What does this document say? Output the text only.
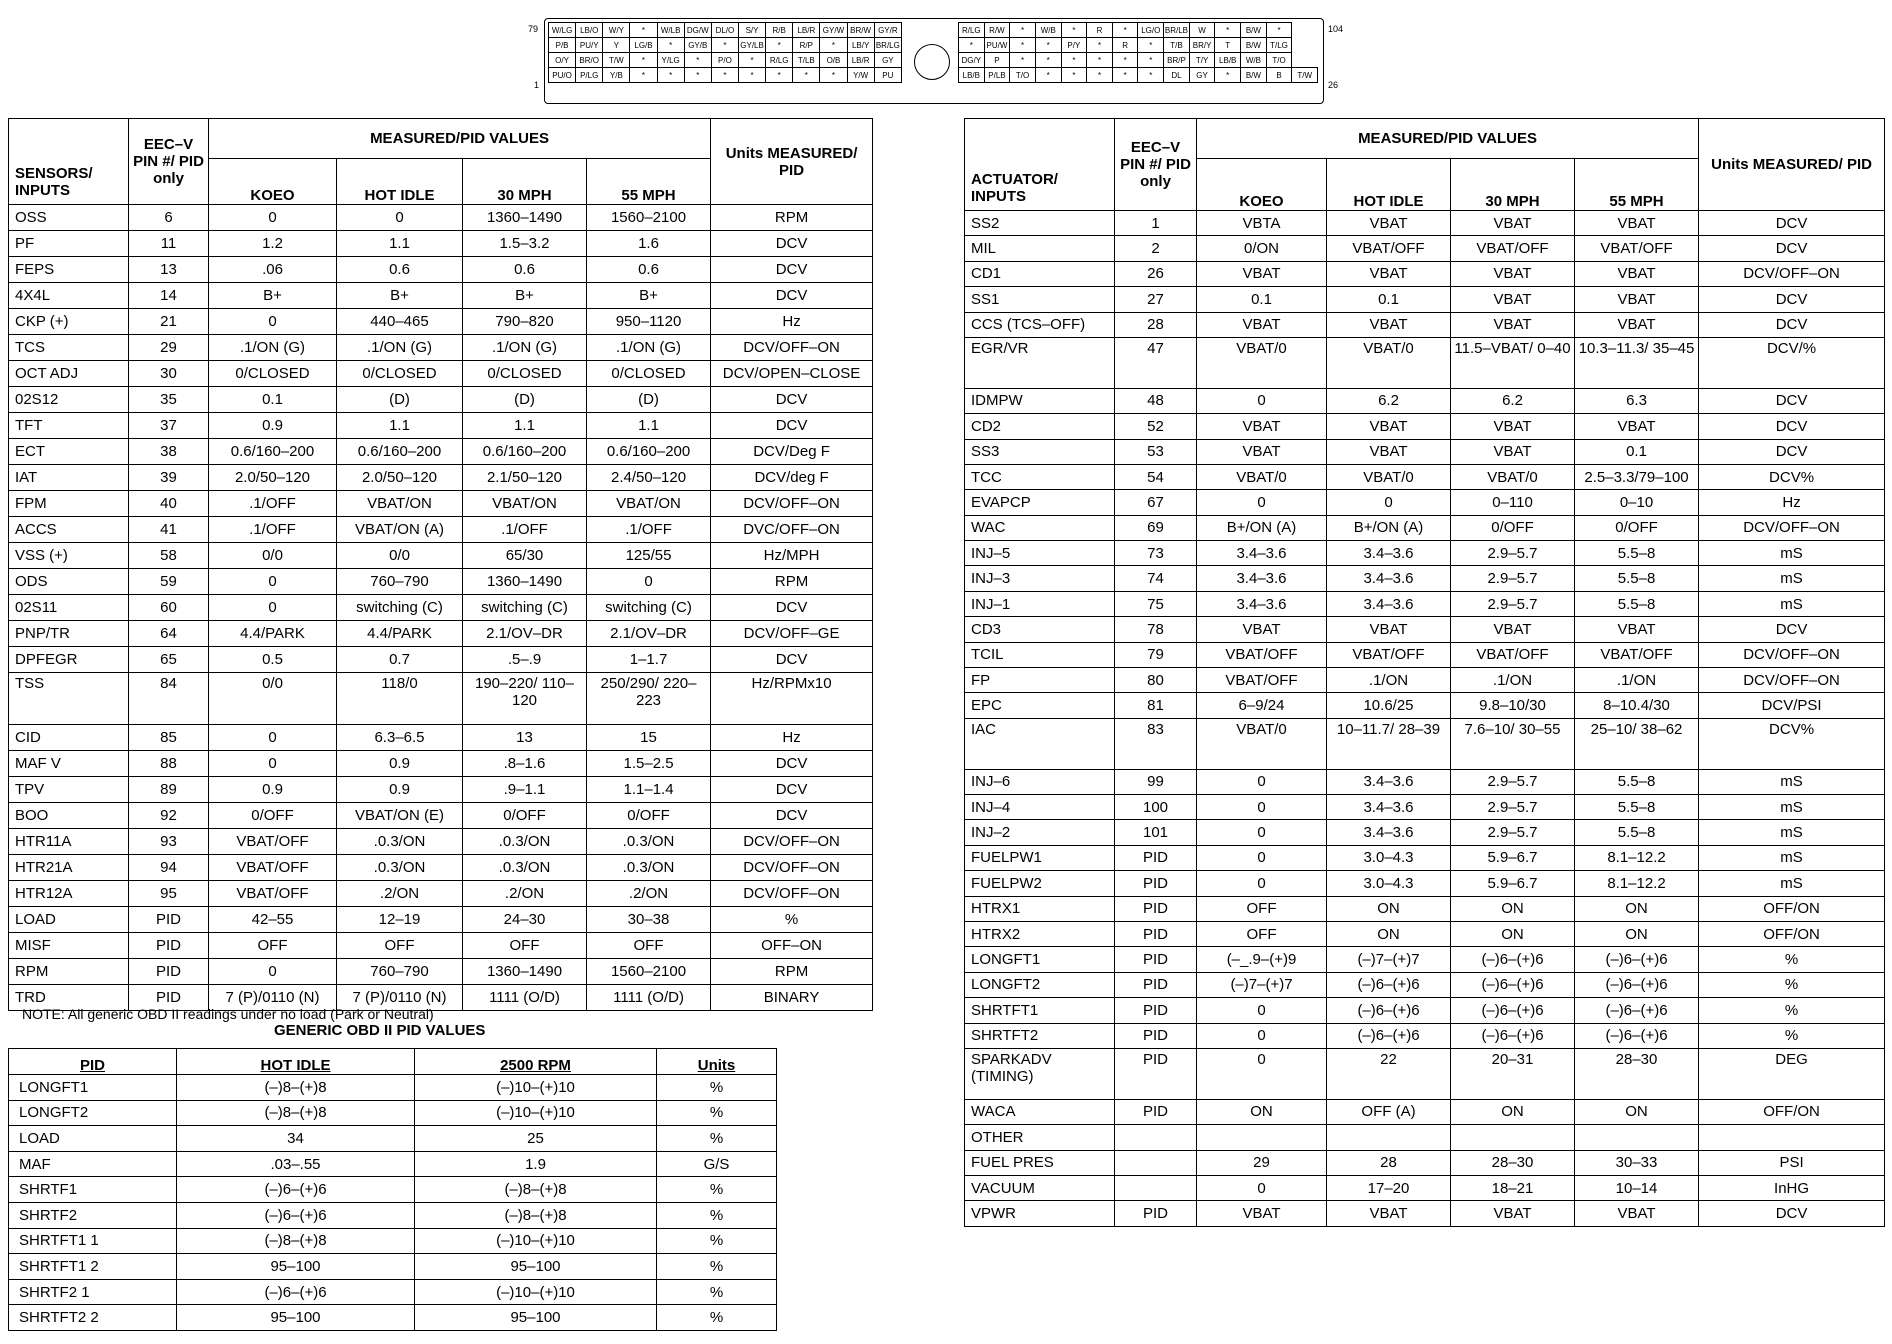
79
1
104
26
W/LG	LB/O	W/Y	*	W/LB	DG/W	DL/O	S/Y	R/B	LB/R	GY/W	BR/W	GY/R
P/B	PU/Y	Y	LG/B	*	GY/B	*	GY/LB	*	R/P	*	LB/Y	BR/LG
O/Y	BR/O	T/W	*	Y/LG	*	P/O	*	R/LG	T/LB	O/B	LB/R	GY
PU/O	P/LG	Y/B	*	*	*	*	*	*	*	*	Y/W	PU
R/LG	R/W	*	W/B	*	R	*	LG/O	BR/LB	W	*	B/W	*	
*	PU/W	*	*	P/Y	*	R	*	T/B	BR/Y	T	B/W	T/LG	
DG/Y	P	*	*	*	*	*	*	BR/P	T/Y	LB/B	W/B	T/O	
LB/B	P/LB	T/O	*	*	*	*	*	DL	GY	*	B/W	B	T/W
SENSORS/ INPUTS	EEC–V PIN #/ PID only	MEASURED/PID VALUES				Units MEASURED/ PID
		KOEO	HOT IDLE	30 MPH	55 MPH	
OSS	6	0	0	1360–1490	1560–2100	RPM
PF	11	1.2	1.1	1.5–3.2	1.6	DCV
FEPS	13	.06	0.6	0.6	0.6	DCV
4X4L	14	B+	B+	B+	B+	DCV
CKP (+)	21	0	440–465	790–820	950–1120	Hz
TCS	29	.1/ON (G)	.1/ON (G)	.1/ON (G)	.1/ON (G)	DCV/OFF–ON
OCT ADJ	30	0/CLOSED	0/CLOSED	0/CLOSED	0/CLOSED	DCV/OPEN–CLOSE
02S12	35	0.1	(D)	(D)	(D)	DCV
TFT	37	0.9	1.1	1.1	1.1	DCV
ECT	38	0.6/160–200	0.6/160–200	0.6/160–200	0.6/160–200	DCV/Deg F
IAT	39	2.0/50–120	2.0/50–120	2.1/50–120	2.4/50–120	DCV/deg F
FPM	40	.1/OFF	VBAT/ON	VBAT/ON	VBAT/ON	DCV/OFF–ON
ACCS	41	.1/OFF	VBAT/ON (A)	.1/OFF	.1/OFF	DVC/OFF–ON
VSS (+)	58	0/0	0/0	65/30	125/55	Hz/MPH
ODS	59	0	760–790	1360–1490	0	RPM
02S11	60	0	switching (C)	switching (C)	switching (C)	DCV
PNP/TR	64	4.4/PARK	4.4/PARK	2.1/OV–DR	2.1/OV–DR	DCV/OFF–GE
DPFEGR	65	0.5	0.7	.5–.9	1–1.7	DCV
TSS	84	0/0	118/0	190–220/ 110–120	250/290/ 220–223	Hz/RPMx10
CID	85	0	6.3–6.5	13	15	Hz
MAF V	88	0	0.9	.8–1.6	1.5–2.5	DCV
TPV	89	0.9	0.9	.9–1.1	1.1–1.4	DCV
BOO	92	0/OFF	VBAT/ON (E)	0/OFF	0/OFF	DCV
HTR11A	93	VBAT/OFF	.0.3/ON	.0.3/ON	.0.3/ON	DCV/OFF–ON
HTR21A	94	VBAT/OFF	.0.3/ON	.0.3/ON	.0.3/ON	DCV/OFF–ON
HTR12A	95	VBAT/OFF	.2/ON	.2/ON	.2/ON	DCV/OFF–ON
LOAD	PID	42–55	12–19	24–30	30–38	%
MISF	PID	OFF	OFF	OFF	OFF	OFF–ON
RPM	PID	0	760–790	1360–1490	1560–2100	RPM
TRD	PID	7 (P)/0110 (N)	7 (P)/0110 (N)	1111 (O/D)	1111 (O/D)	BINARY
NOTE: All generic OBD II readings under no load (Park or Neutral)
GENERIC OBD II PID VALUES
PID	HOT IDLE	2500 RPM	Units
LONGFT1	(–)8–(+)8	(–)10–(+)10	%
LONGFT2	(–)8–(+)8	(–)10–(+)10	%
LOAD	34	25	%
MAF	.03–.55	1.9	G/S
SHRTF1	(–)6–(+)6	(–)8–(+)8	%
SHRTF2	(–)6–(+)6	(–)8–(+)8	%
SHRTFT1 1	(–)8–(+)8	(–)10–(+)10	%
SHRTFT1 2	95–100	95–100	%
SHRTF2 1	(–)6–(+)6	(–)10–(+)10	%
SHRTFT2 2	95–100	95–100	%
ACTUATOR/ INPUTS	EEC–V PIN #/ PID only	MEASURED/PID VALUES				Units MEASURED/ PID
		KOEO	HOT IDLE	30 MPH	55 MPH	
SS2	1	VBTA	VBAT	VBAT	VBAT	DCV
MIL	2	0/ON	VBAT/OFF	VBAT/OFF	VBAT/OFF	DCV
CD1	26	VBAT	VBAT	VBAT	VBAT	DCV/OFF–ON
SS1	27	0.1	0.1	VBAT	VBAT	DCV
CCS (TCS–OFF)	28	VBAT	VBAT	VBAT	VBAT	DCV
EGR/VR	47	VBAT/0	VBAT/0	11.5–VBAT/ 0–40	10.3–11.3/ 35–45	DCV/%
IDMPW	48	0	6.2	6.2	6.3	DCV
CD2	52	VBAT	VBAT	VBAT	VBAT	DCV
SS3	53	VBAT	VBAT	VBAT	0.1	DCV
TCC	54	VBAT/0	VBAT/0	VBAT/0	2.5–3.3/79–100	DCV%
EVAPCP	67	0	0	0–110	0–10	Hz
WAC	69	B+/ON (A)	B+/ON (A)	0/OFF	0/OFF	DCV/OFF–ON
INJ–5	73	3.4–3.6	3.4–3.6	2.9–5.7	5.5–8	mS
INJ–3	74	3.4–3.6	3.4–3.6	2.9–5.7	5.5–8	mS
INJ–1	75	3.4–3.6	3.4–3.6	2.9–5.7	5.5–8	mS
CD3	78	VBAT	VBAT	VBAT	VBAT	DCV
TCIL	79	VBAT/OFF	VBAT/OFF	VBAT/OFF	VBAT/OFF	DCV/OFF–ON
FP	80	VBAT/OFF	.1/ON	.1/ON	.1/ON	DCV/OFF–ON
EPC	81	6–9/24	10.6/25	9.8–10/30	8–10.4/30	DCV/PSI
IAC	83	VBAT/0	10–11.7/ 28–39	7.6–10/ 30–55	25–10/ 38–62	DCV%
INJ–6	99	0	3.4–3.6	2.9–5.7	5.5–8	mS
INJ–4	100	0	3.4–3.6	2.9–5.7	5.5–8	mS
INJ–2	101	0	3.4–3.6	2.9–5.7	5.5–8	mS
FUELPW1	PID	0	3.0–4.3	5.9–6.7	8.1–12.2	mS
FUELPW2	PID	0	3.0–4.3	5.9–6.7	8.1–12.2	mS
HTRX1	PID	OFF	ON	ON	ON	OFF/ON
HTRX2	PID	OFF	ON	ON	ON	OFF/ON
LONGFT1	PID	(–_.9–(+)9	(–)7–(+)7	(–)6–(+)6	(–)6–(+)6	%
LONGFT2	PID	(–)7–(+)7	(–)6–(+)6	(–)6–(+)6	(–)6–(+)6	%
SHRTFT1	PID	0	(–)6–(+)6	(–)6–(+)6	(–)6–(+)6	%
SHRTFT2	PID	0	(–)6–(+)6	(–)6–(+)6	(–)6–(+)6	%
SPARKADV (TIMING)	PID	0	22	20–31	28–30	DEG
WACA	PID	ON	OFF (A)	ON	ON	OFF/ON
OTHER						
FUEL PRES		29	28	28–30	30–33	PSI
VACUUM		0	17–20	18–21	10–14	InHG
VPWR	PID	VBAT	VBAT	VBAT	VBAT	DCV
